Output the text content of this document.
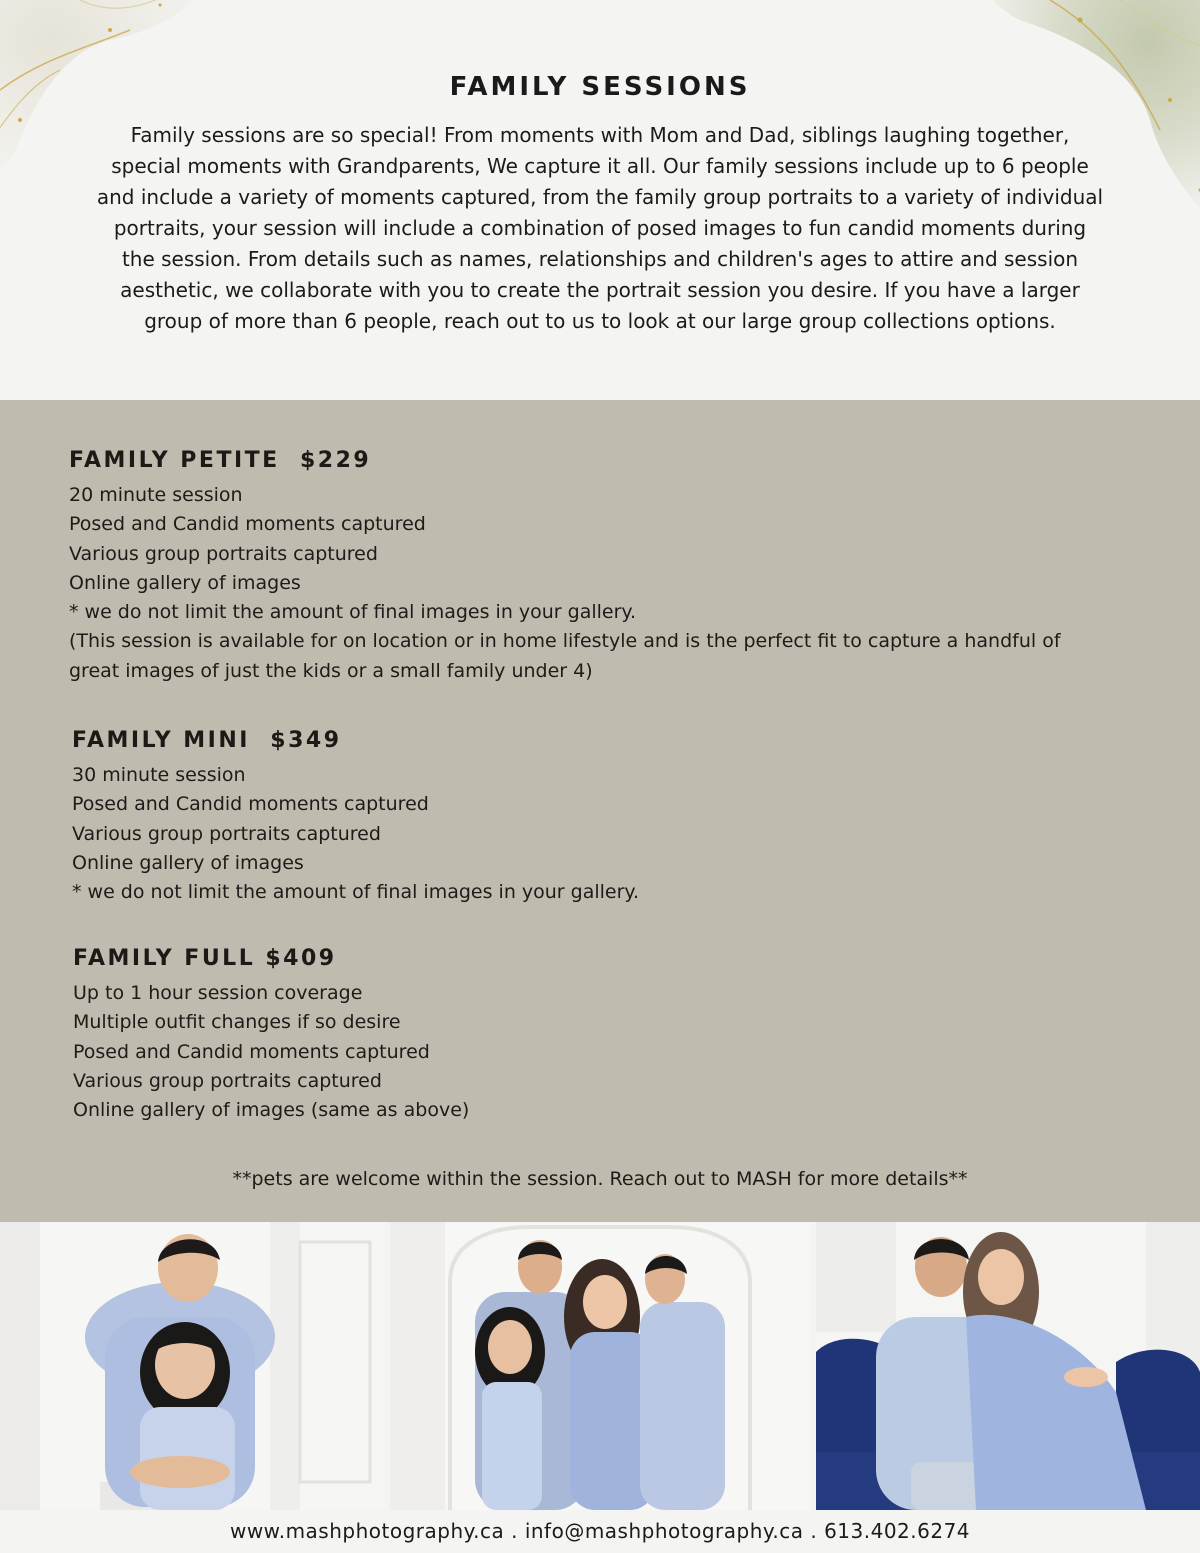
FAMILY SESSIONS

Family sessions are so special! From moments with Mom and Dad, siblings laughing together, special moments with Grandparents, We capture it all. Our family sessions include up to 6 people and include a variety of moments captured, from the family group portraits to a variety of individual portraits, your session will include a combination of posed images to fun candid moments during the session. From details such as names, relationships and children's ages to attire and session aesthetic, we collaborate with you to create the portrait session you desire. If you have a larger group of more than 6 people, reach out to us to look at our large group collections options.

FAMILY PETITE  $229
20 minute session
Posed and Candid moments captured
Various group portraits captured
Online gallery of images
* we do not limit the amount of final images in your gallery.
(This session is available for on location or in home lifestyle and is the perfect fit to capture a handful of great images of just the kids or a small family under 4)
FAMILY MINI  $349
30 minute session
Posed and Candid moments captured
Various group portraits captured
Online gallery of images
* we do not limit the amount of final images in your gallery.
FAMILY FULL $409
Up to 1 hour session coverage
Multiple outfit changes if so desire
Posed and Candid moments captured
Various group portraits captured
Online gallery of images (same as above)

**pets are welcome within the session. Reach out to MASH for more details**

www.mashphotography.ca . info@mashphotography.ca . 613.402.6274
